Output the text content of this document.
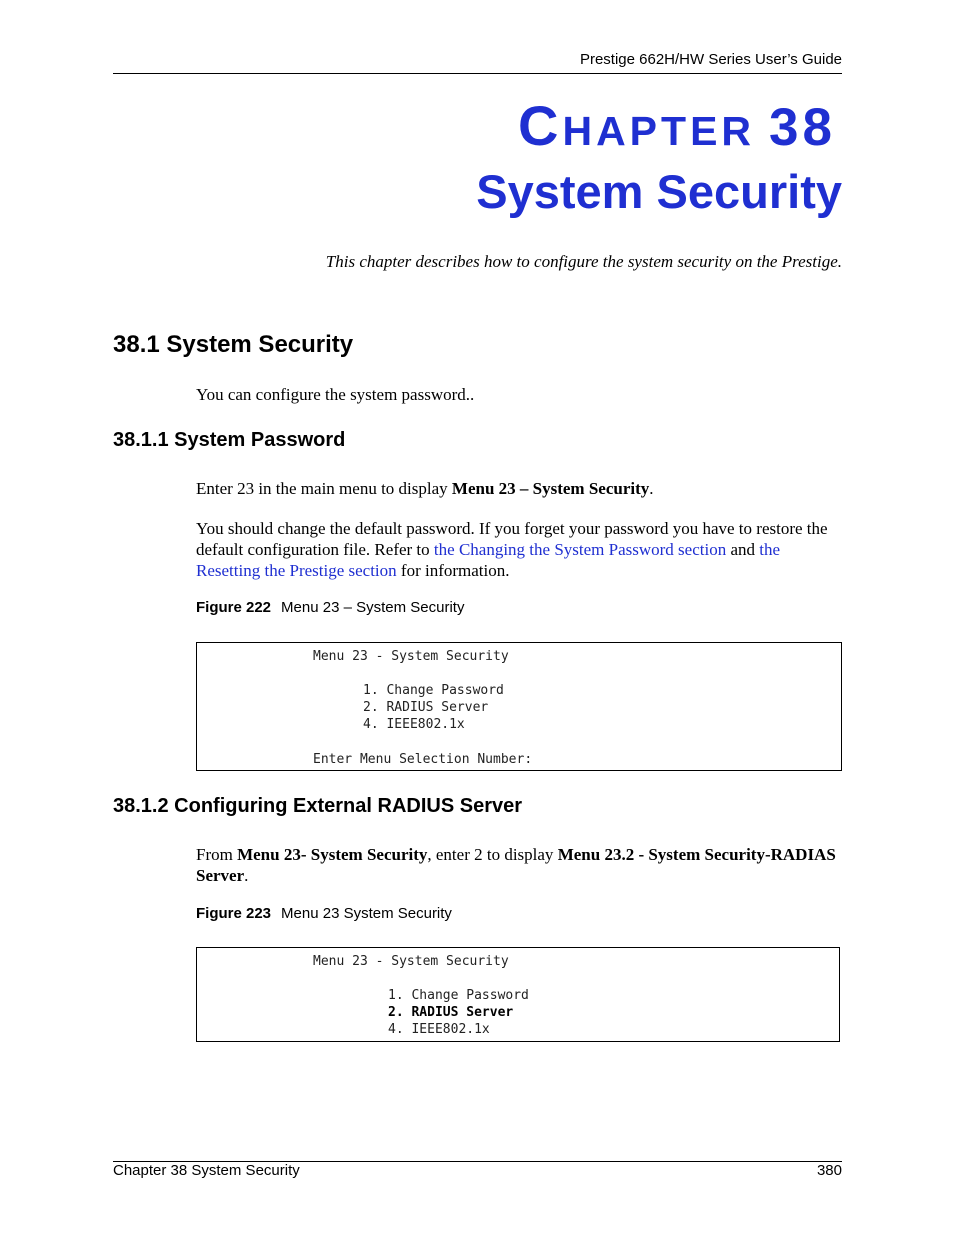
Prestige 662H/HW Series User’s Guide
CHAPTER 38
System Security
This chapter describes how to configure the system security on the Prestige.
38.1 System Security
You can configure the system password..
38.1.1 System Password
Enter 23 in the main menu to display Menu 23 – System Security.
You should change the default password. If you forget your password you have to restore the default configuration file. Refer to the Changing the System Password section and the Resetting the Prestige section for information.
Figure 222 Menu 23 – System Security
Menu 23 - System Security
1. Change Password
2. RADIUS Server
4. IEEE802.1x
Enter Menu Selection Number:
38.1.2 Configuring External RADIUS Server
From Menu 23- System Security, enter 2 to display Menu 23.2 - System Security-RADIAS Server.
Figure 223 Menu 23 System Security
Menu 23 - System Security
1. Change Password
2. RADIUS Server
4. IEEE802.1x
Chapter 38 System Security	380
